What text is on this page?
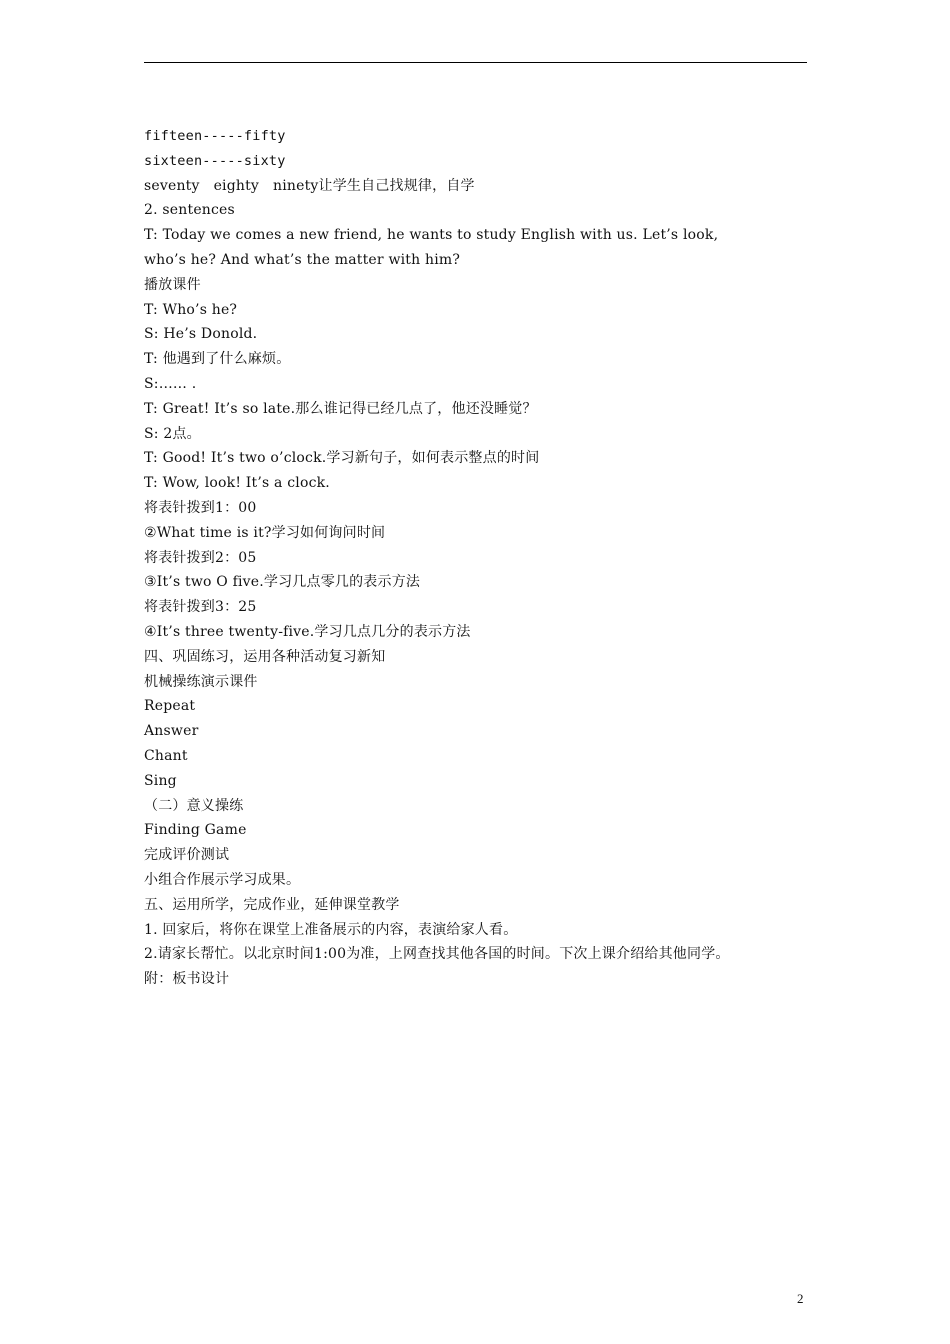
fifteen-----fifty
sixteen-----sixty
seventy   eighty   ninety让学生自己找规律，自学
2. sentences
T: Today we comes a new friend, he wants to study English with us. Let’s look,
who’s he? And what’s the matter with him?
播放课件
T: Who’s he?
S: He’s Donold.
T: 他遇到了什么麻烦。
S:…… .
T: Great! It’s so late.那么谁记得已经几点了，他还没睡觉？
S: 2点。
T: Good! It’s two o’clock.学习新句子，如何表示整点的时间
T: Wow, look! It’s a clock.
将表针拨到1：00
②What time is it?学习如何询问时间
将表针拨到2：05
③It’s two O five.学习几点零几的表示方法
将表针拨到3：25
④It’s three twenty-five.学习几点几分的表示方法
四、巩固练习，运用各种活动复习新知
机械操练演示课件
Repeat
Answer
Chant
Sing
（二）意义操练
Finding Game
完成评价测试
小组合作展示学习成果。
五、运用所学，完成作业，延伸课堂教学
1. 回家后，将你在课堂上准备展示的内容，表演给家人看。
2.请家长帮忙。以北京时间1:00为准，上网查找其他各国的时间。下次上课介绍给其他同学。
附：板书设计
2
